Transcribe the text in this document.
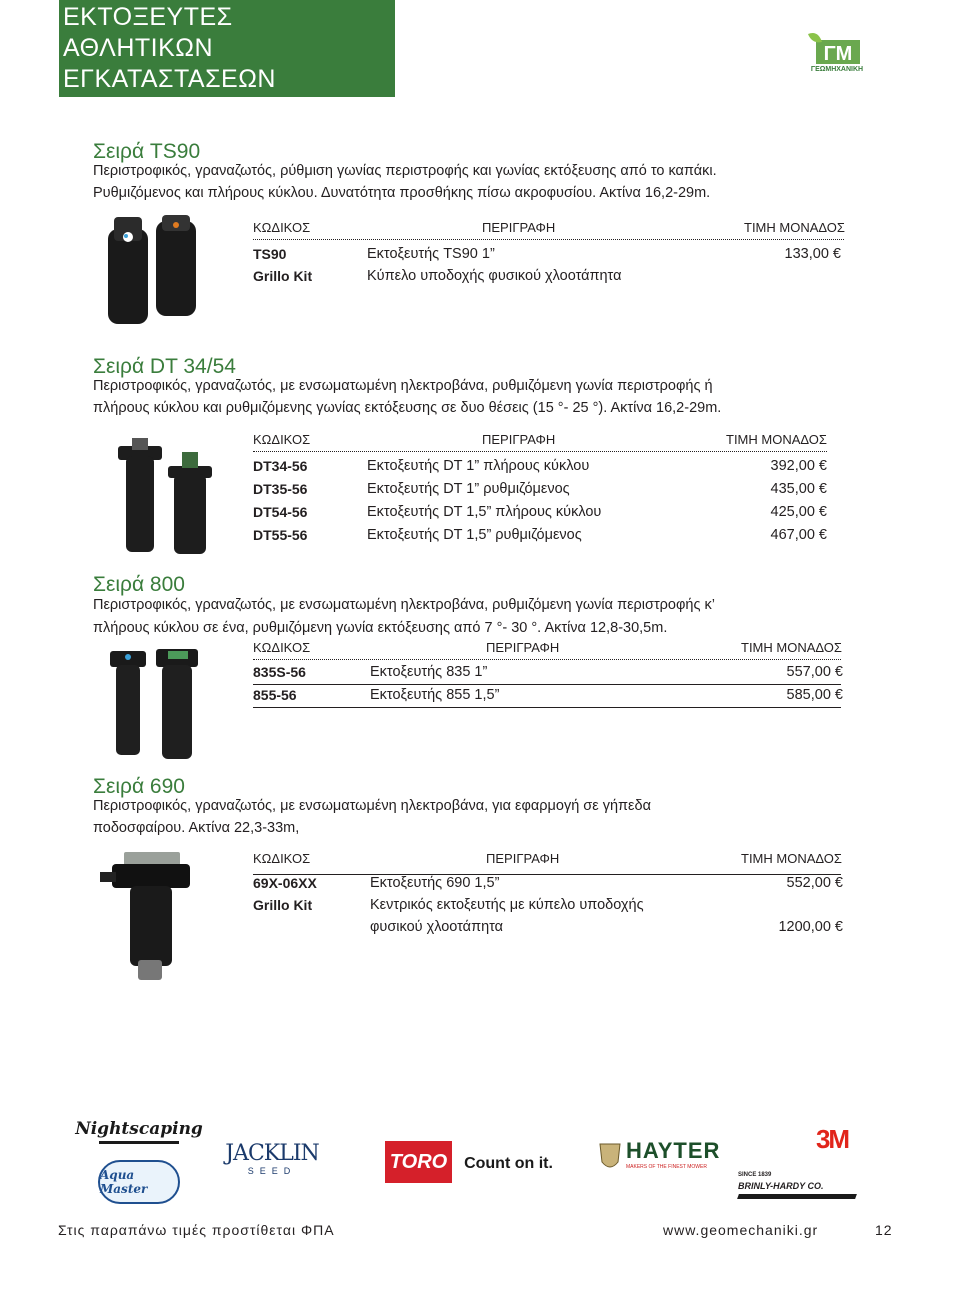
ΕΚΤΟΞΕΥΤΕΣ
ΑΘΛΗΤΙΚΩΝ
ΕΓΚΑΤΑΣΤΑΣΕΩΝ
ΓΜ
ΓΕΩΜΗΧΑΝΙΚΗ
Σειρά TS90
Περιστροφικός, γραναζωτός, ρύθμιση γωνίας περιστροφής και γωνίας εκτόξευσης από το καπάκι.
Ρυθμιζόμενος και πλήρους κύκλου. Δυνατότητα προσθήκης πίσω ακροφυσίου. Ακτίνα 16,2-29m.
ΚΩΔΙΚΟΣ	ΠΕΡΙΓΡΑΦΗ	ΤΙΜΗ ΜΟΝΑΔΟΣ
TS90	Εκτοξευτής TS90 1”	133,00 €
Grillo Kit	Κύπελο υποδοχής φυσικού χλοοτάπητα
Σειρά DT 34/54
Περιστροφικός, γραναζωτός, με ενσωματωμένη ηλεκτροβάνα, ρυθμιζόμενη γωνία περιστροφής ή
πλήρους κύκλου και ρυθμιζόμενης γωνίας εκτόξευσης σε δυο θέσεις (15 °- 25 °). Ακτίνα 16,2-29m.
ΚΩΔΙΚΟΣ	ΠΕΡΙΓΡΑΦΗ	ΤΙΜΗ ΜΟΝΑΔΟΣ
DT34-56	Εκτοξευτής DT 1” πλήρους κύκλου	392,00 €
DT35-56	Εκτοξευτής DT 1” ρυθμιζόμενος	435,00 €
DT54-56	Εκτοξευτής DT 1,5” πλήρους κύκλου	425,00 €
DT55-56	Εκτοξευτής DT 1,5” ρυθμιζόμενος	467,00 €
Σειρά 800
Περιστροφικός, γραναζωτός, με ενσωματωμένη ηλεκτροβάνα, ρυθμιζόμενη γωνία περιστροφής κ’
πλήρους κύκλου σε ένα, ρυθμιζόμενη γωνία εκτόξευσης από 7 °- 30 °. Ακτίνα 12,8-30,5m.
ΚΩΔΙΚΟΣ	ΠΕΡΙΓΡΑΦΗ	ΤΙΜΗ ΜΟΝΑΔΟΣ
835S-56	Εκτοξευτής 835 1”	557,00 €
855-56	Εκτοξευτής 855 1,5”	585,00 €
Σειρά 690
Περιστροφικός, γραναζωτός, με ενσωματωμένη ηλεκτροβάνα, για εφαρμογή σε γήπεδα
ποδοσφαίρου. Ακτίνα 22,3-33m,
ΚΩΔΙΚΟΣ	ΠΕΡΙΓΡΑΦΗ	ΤΙΜΗ ΜΟΝΑΔΟΣ
69X-06XX	Εκτοξευτής 690 1,5”	552,00 €
Grillo Kit	Κεντρικός εκτοξευτής με κύπελο υποδοχής
φυσικού χλοοτάπητα	1200,00 €
Nightscaping
Aqua Master
JACKLIN
SEED	TORO Count on it.
HAYTER
MAKERS OF THE FINEST MOWER
3M
SINCE 1839
BRINLY-HARDY CO.
Στις παραπάνω τιμές προστίθεται ΦΠΑ	www.geomechaniki.gr	12
